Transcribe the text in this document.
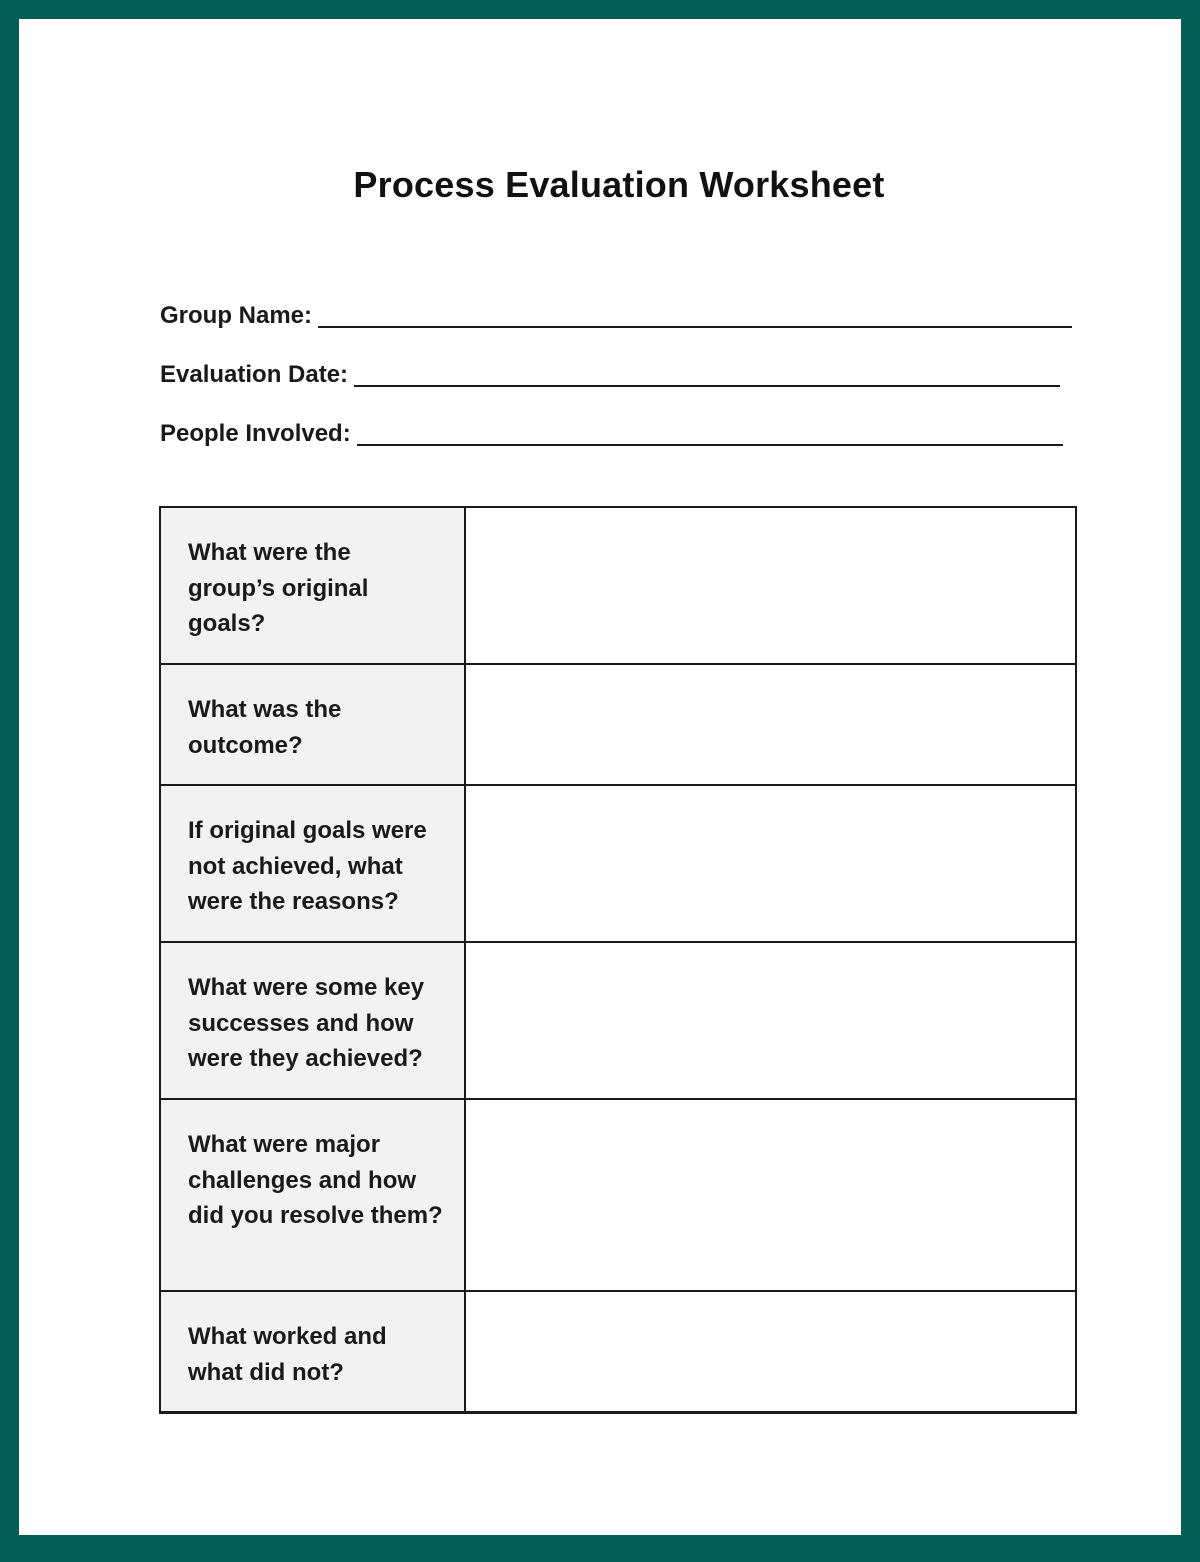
Process Evaluation Worksheet
Group Name:
Evaluation Date:
People Involved:
What were the group’s original goals?	
What was the outcome?	
If original goals were not achieved, what were the reasons?	
What were some key successes and how were they achieved?	
What were major challenges and how did you resolve them?	
What worked and what did not?	
